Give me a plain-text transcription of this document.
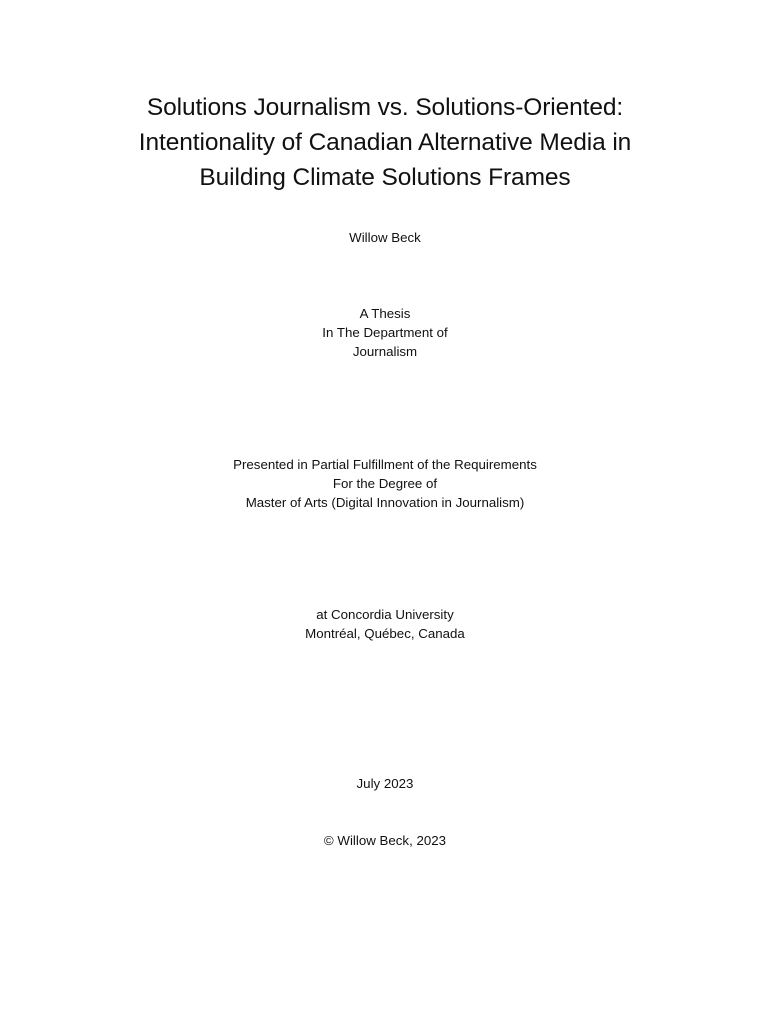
Solutions Journalism vs. Solutions-Oriented:
Intentionality of Canadian Alternative Media in
Building Climate Solutions Frames
Willow Beck
A Thesis
In The Department of
Journalism
Presented in Partial Fulfillment of the Requirements
For the Degree of
Master of Arts (Digital Innovation in Journalism)
at Concordia University
Montréal, Québec, Canada
July 2023
© Willow Beck, 2023
